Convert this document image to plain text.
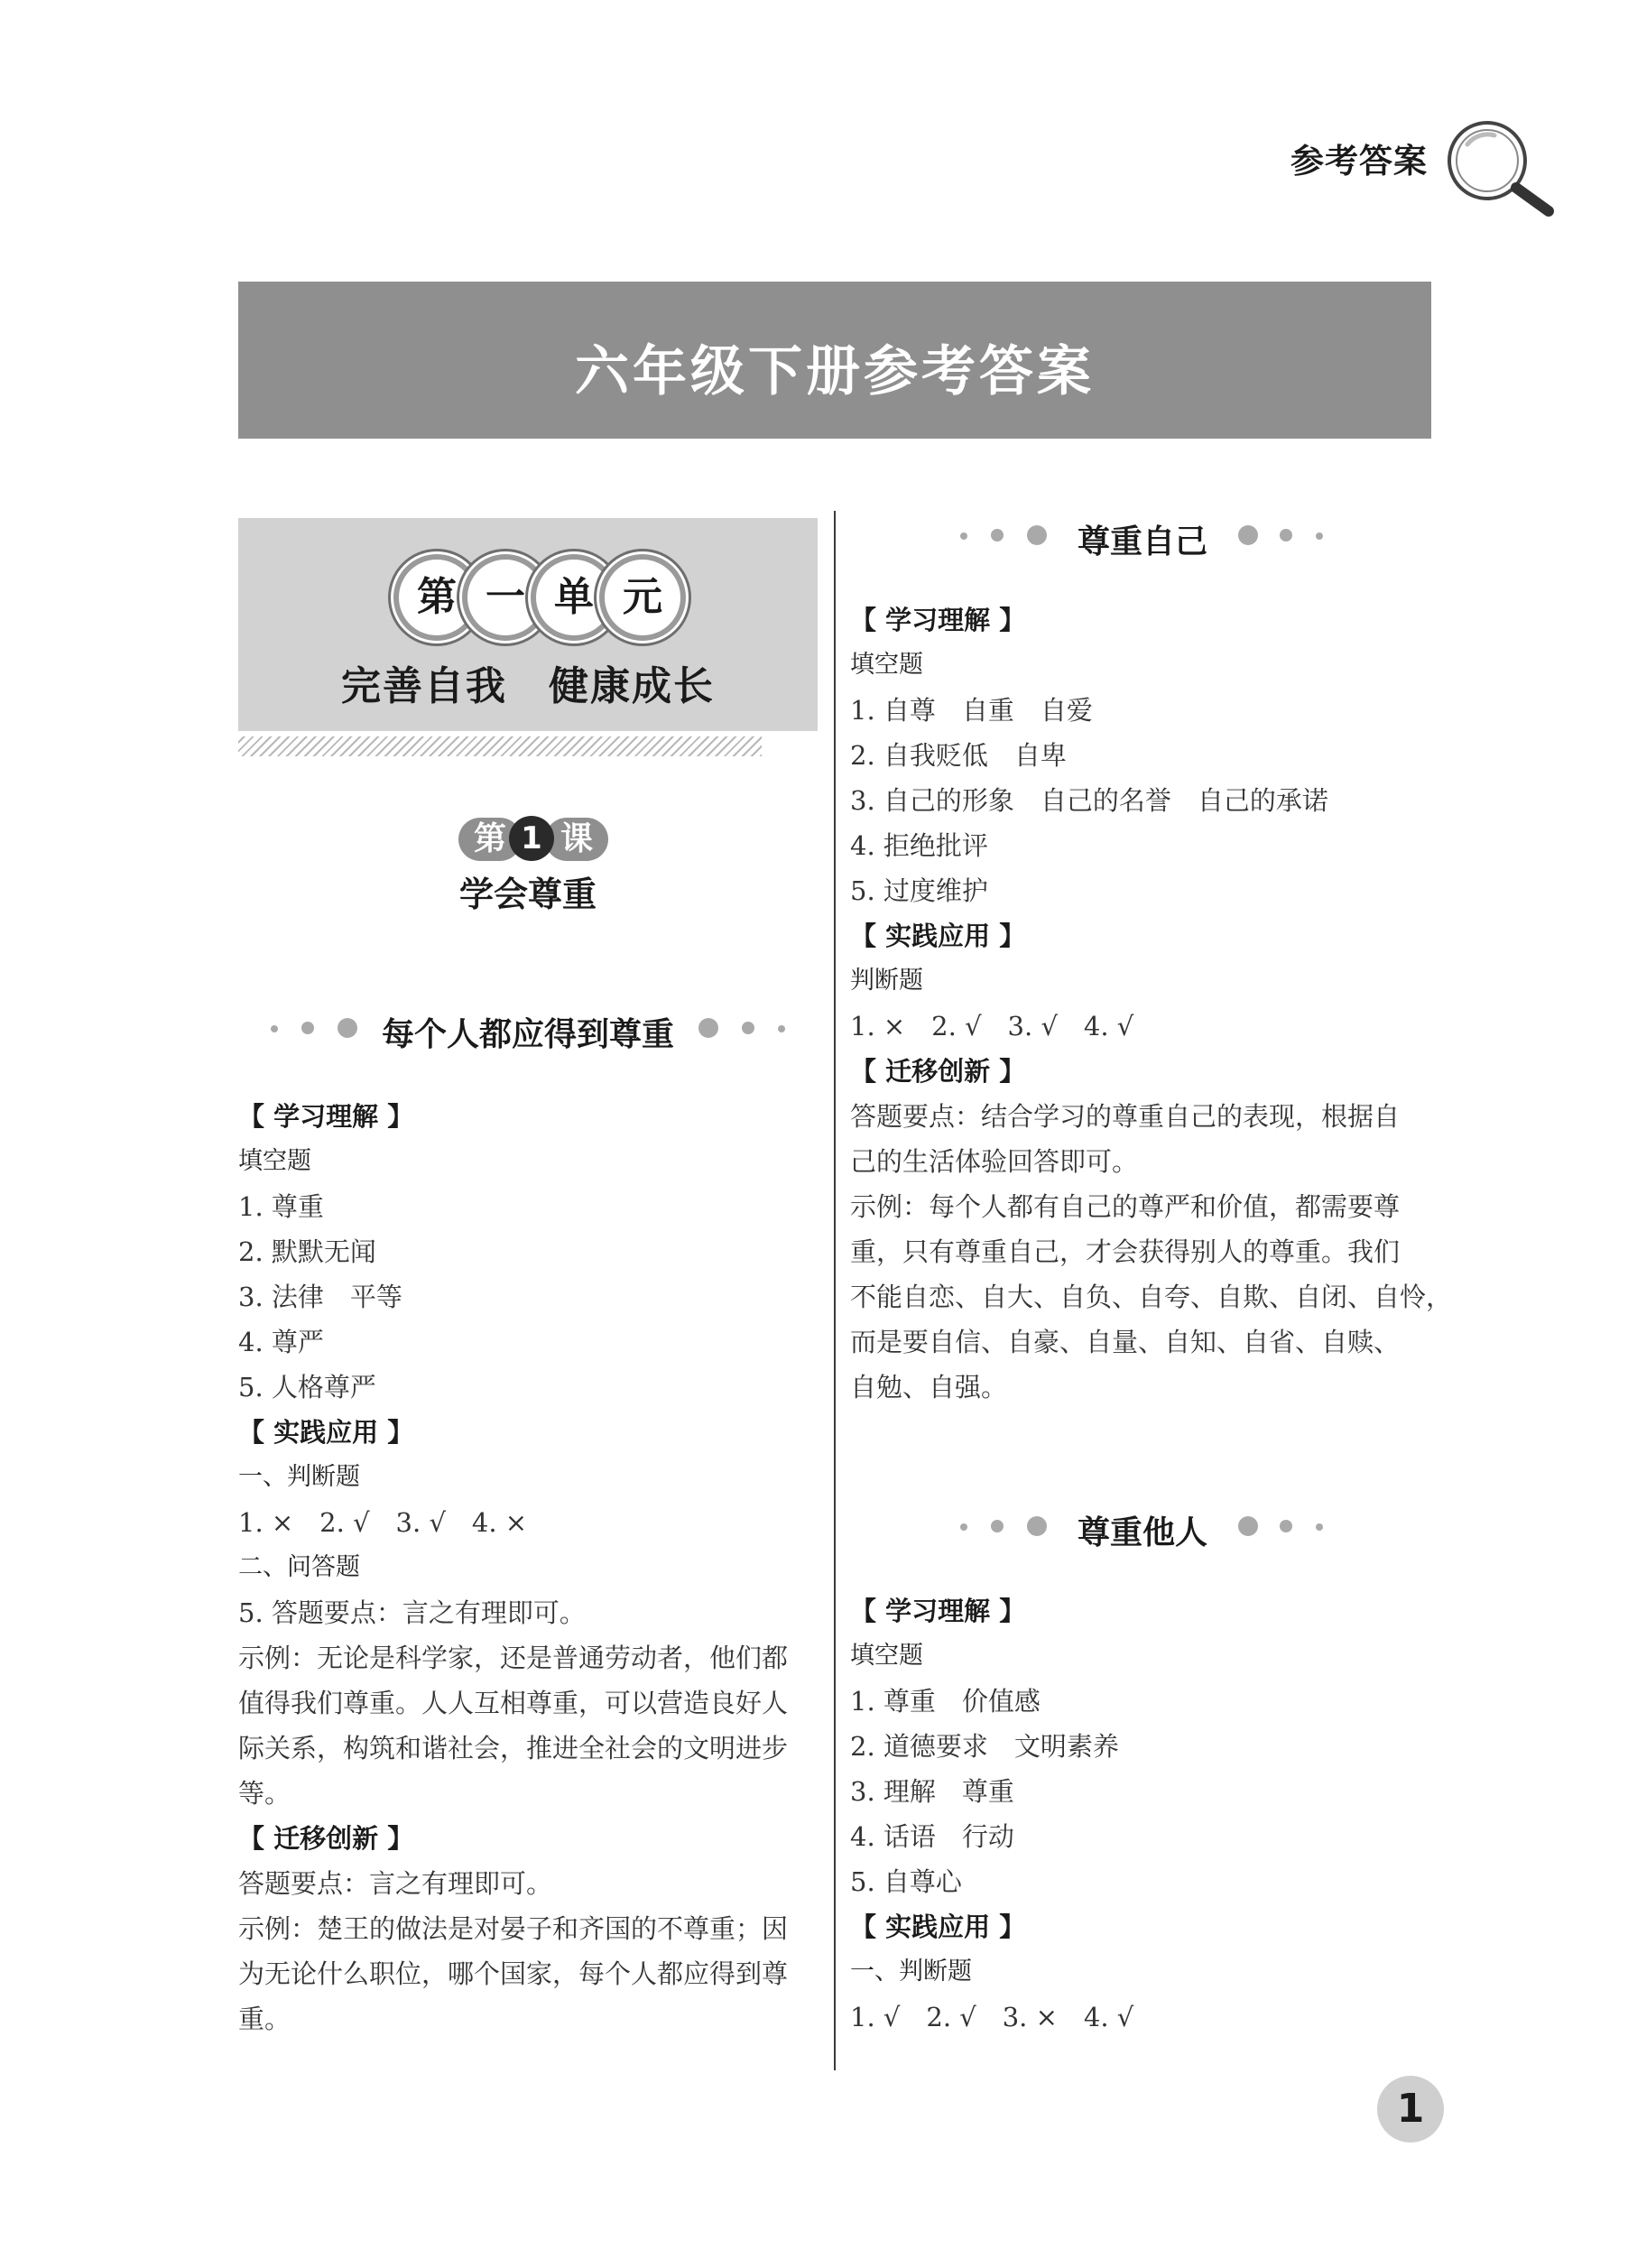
参考答案
六年级下册参考答案
第 一 单 元
完善自我　健康成长
第	课
1
学会尊重
每个人都应得到尊重
【 学习理解 】
填空题
1. 尊重
2. 默默无闻
3. 法律　平等
4. 尊严
5. 人格尊严
【 实践应用 】
一、判断题
1. ×　2. √　3. √　4. ×
二、问答题
5. 答题要点：言之有理即可。
示例：无论是科学家，还是普通劳动者，他们都
值得我们尊重。人人互相尊重，可以营造良好人
际关系，构筑和谐社会，推进全社会的文明进步
等。
【 迁移创新 】
答题要点：言之有理即可。
示例：楚王的做法是对晏子和齐国的不尊重；因
为无论什么职位，哪个国家，每个人都应得到尊
重。
尊重自己
【 学习理解 】
填空题
1. 自尊　自重　自爱
2. 自我贬低　自卑
3. 自己的形象　自己的名誉　自己的承诺
4. 拒绝批评
5. 过度维护
【 实践应用 】
判断题
1. ×　2. √　3. √　4. √
【 迁移创新 】
答题要点：结合学习的尊重自己的表现，根据自
己的生活体验回答即可。
示例：每个人都有自己的尊严和价值，都需要尊
重，只有尊重自己，才会获得别人的尊重。我们
不能自恋、自大、自负、自夸、自欺、自闭、自怜，
而是要自信、自豪、自量、自知、自省、自赎、
自勉、自强。
尊重他人
【 学习理解 】
填空题
1. 尊重　价值感
2. 道德要求　文明素养
3. 理解　尊重
4. 话语　行动
5. 自尊心
【 实践应用 】
一、判断题
1. √　2. √　3. ×　4. √
1
